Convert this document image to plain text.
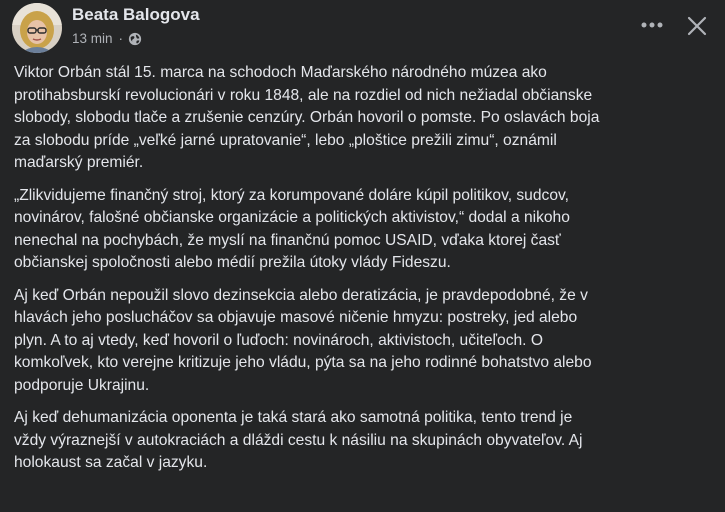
Beata Balogova
13 min ·

Viktor Orbán stál 15. marca na schodoch Maďarského národného múzea ako
protihabsburskí revolucionári v roku 1848, ale na rozdiel od nich nežiadal občianske
slobody, slobodu tlače a zrušenie cenzúry. Orbán hovoril o pomste. Po oslavách boja
za slobodu príde „veľké jarné upratovanie“, lebo „ploštice prežili zimu“, oznámil
maďarský premiér.

„Zlikvidujeme finančný stroj, ktorý za korumpované doláre kúpil politikov, sudcov,
novinárov, falošné občianske organizácie a politických aktivistov,“ dodal a nikoho
nenechal na pochybách, že myslí na finančnú pomoc USAID, vďaka ktorej časť
občianskej spoločnosti alebo médií prežila útoky vlády Fideszu.

Aj keď Orbán nepoužil slovo dezinsekcia alebo deratizácia, je pravdepodobné, že v
hlavách jeho poslucháčov sa objavuje masové ničenie hmyzu: postreky, jed alebo
plyn. A to aj vtedy, keď hovoril o ľuďoch: novinároch, aktivistoch, učiteľoch. O
komkoľvek, kto verejne kritizuje jeho vládu, pýta sa na jeho rodinné bohatstvo alebo
podporuje Ukrajinu.

Aj keď dehumanizácia oponenta je taká stará ako samotná politika, tento trend je
vždy výraznejší v autokraciách a dláždi cestu k násiliu na skupinách obyvateľov. Aj
holokaust sa začal v jazyku.
